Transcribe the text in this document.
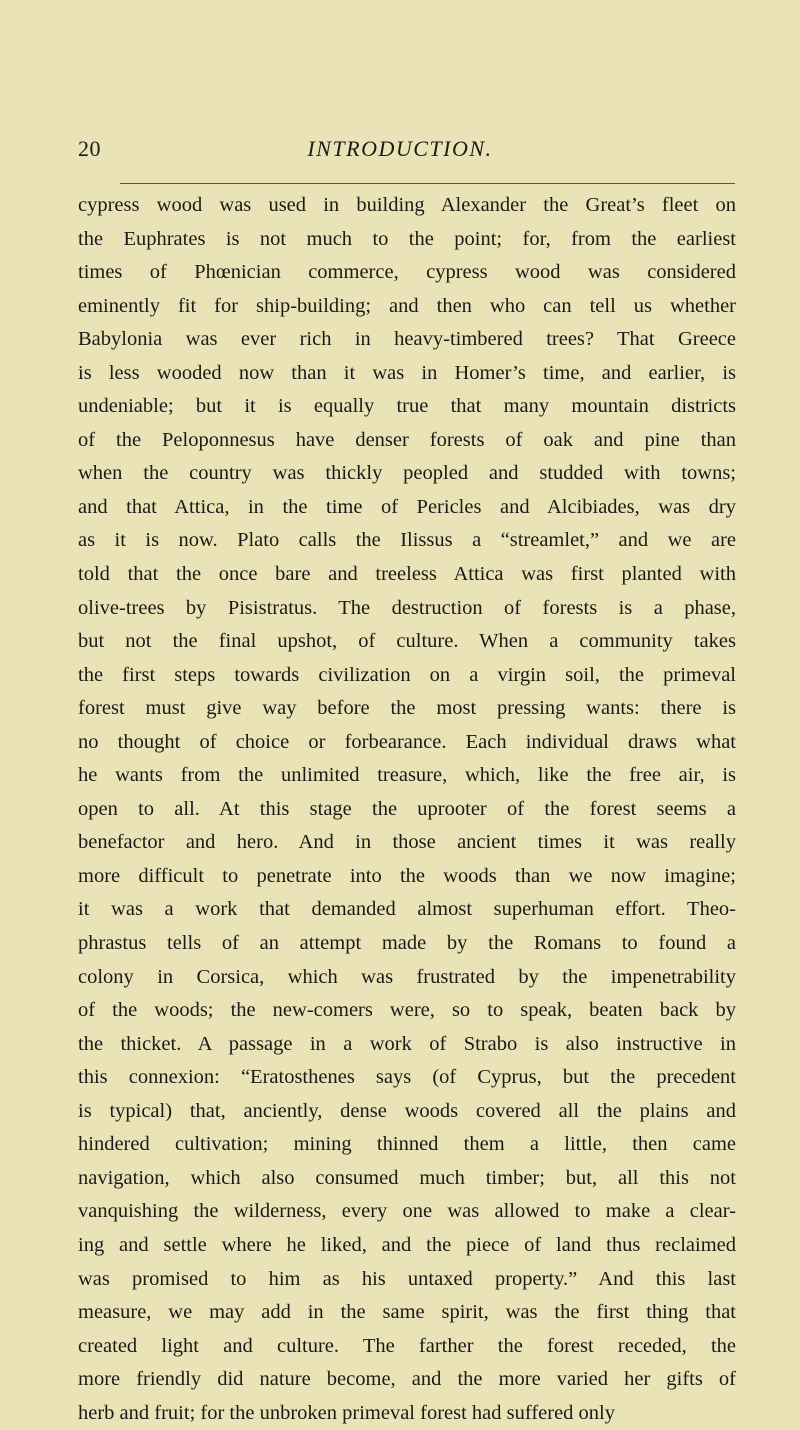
20	INTRODUCTION.
cypress wood was used in building Alexander the Great’s fleet on
the Euphrates is not much to the point; for, from the earliest
times of Phœnician commerce, cypress wood was considered
eminently fit for ship-building; and then who can tell us whether
Babylonia was ever rich in heavy-timbered trees? That Greece
is less wooded now than it was in Homer’s time, and earlier, is
undeniable; but it is equally true that many mountain districts
of the Peloponnesus have denser forests of oak and pine than
when the country was thickly peopled and studded with towns;
and that Attica, in the time of Pericles and Alcibiades, was dry
as it is now. Plato calls the Ilissus a “streamlet,” and we are
told that the once bare and treeless Attica was first planted with
olive-trees by Pisistratus. The destruction of forests is a phase,
but not the final upshot, of culture. When a community takes
the first steps towards civilization on a virgin soil, the primeval
forest must give way before the most pressing wants: there is
no thought of choice or forbearance. Each individual draws what
he wants from the unlimited treasure, which, like the free air, is
open to all. At this stage the uprooter of the forest seems a
benefactor and hero. And in those ancient times it was really
more difficult to penetrate into the woods than we now imagine;
it was a work that demanded almost superhuman effort. Theo-
phrastus tells of an attempt made by the Romans to found a
colony in Corsica, which was frustrated by the impenetrability
of the woods; the new-comers were, so to speak, beaten back by
the thicket. A passage in a work of Strabo is also instructive in
this connexion: “Eratosthenes says (of Cyprus, but the precedent
is typical) that, anciently, dense woods covered all the plains and
hindered cultivation; mining thinned them a little, then came
navigation, which also consumed much timber; but, all this not
vanquishing the wilderness, every one was allowed to make a clear-
ing and settle where he liked, and the piece of land thus reclaimed
was promised to him as his untaxed property.” And this last
measure, we may add in the same spirit, was the first thing that
created light and culture. The farther the forest receded, the
more friendly did nature become, and the more varied her gifts of
herb and fruit; for the unbroken primeval forest had suffered only
